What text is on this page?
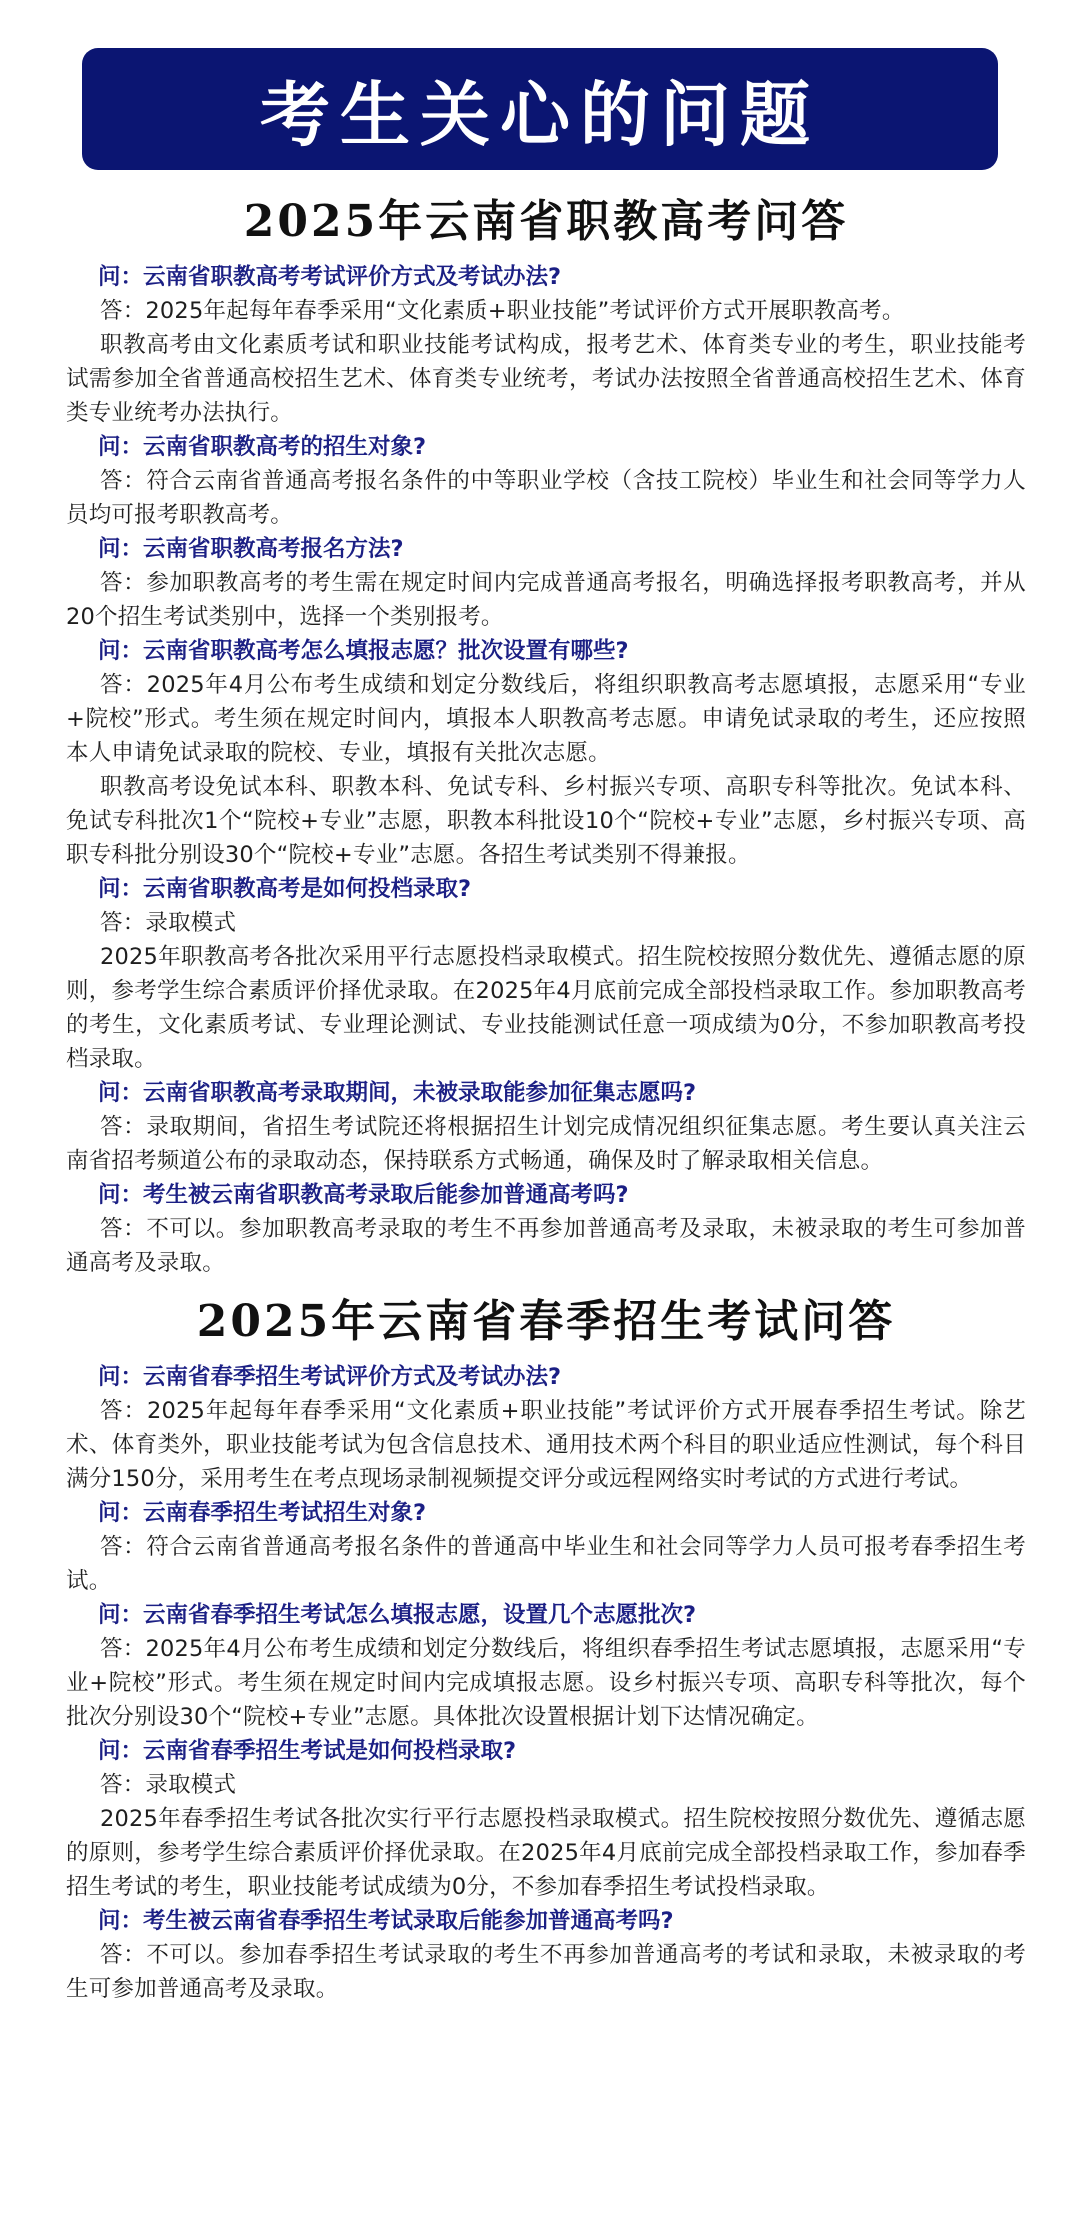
考生关心的问题
2025年云南省职教高考问答
问：云南省职教高考考试评价方式及考试办法?
答：2025年起每年春季采用“文化素质+职业技能”考试评价方式开展职教高考。
职教高考由文化素质考试和职业技能考试构成，报考艺术、体育类专业的考生，职业技能考试需参加全省普通高校招生艺术、体育类专业统考，考试办法按照全省普通高校招生艺术、体育类专业统考办法执行。
问：云南省职教高考的招生对象?
答：符合云南省普通高考报名条件的中等职业学校（含技工院校）毕业生和社会同等学力人员均可报考职教高考。
问：云南省职教高考报名方法?
答：参加职教高考的考生需在规定时间内完成普通高考报名，明确选择报考职教高考，并从20个招生考试类别中，选择一个类别报考。
问：云南省职教高考怎么填报志愿？批次设置有哪些?
答：2025年4月公布考生成绩和划定分数线后，将组织职教高考志愿填报，志愿采用“专业+院校”形式。考生须在规定时间内，填报本人职教高考志愿。申请免试录取的考生，还应按照本人申请免试录取的院校、专业，填报有关批次志愿。
职教高考设免试本科、职教本科、免试专科、乡村振兴专项、高职专科等批次。免试本科、免试专科批次1个“院校+专业”志愿，职教本科批设10个“院校+专业”志愿，乡村振兴专项、高职专科批分别设30个“院校+专业”志愿。各招生考试类别不得兼报。
问：云南省职教高考是如何投档录取?
答：录取模式
2025年职教高考各批次采用平行志愿投档录取模式。招生院校按照分数优先、遵循志愿的原则，参考学生综合素质评价择优录取。在2025年4月底前完成全部投档录取工作。参加职教高考的考生，文化素质考试、专业理论测试、专业技能测试任意一项成绩为0分，不参加职教高考投档录取。
问：云南省职教高考录取期间，未被录取能参加征集志愿吗?
答：录取期间，省招生考试院还将根据招生计划完成情况组织征集志愿。考生要认真关注云南省招考频道公布的录取动态，保持联系方式畅通，确保及时了解录取相关信息。
问：考生被云南省职教高考录取后能参加普通高考吗?
答：不可以。参加职教高考录取的考生不再参加普通高考及录取，未被录取的考生可参加普通高考及录取。
2025年云南省春季招生考试问答
问：云南省春季招生考试评价方式及考试办法?
答：2025年起每年春季采用“文化素质+职业技能”考试评价方式开展春季招生考试。除艺术、体育类外，职业技能考试为包含信息技术、通用技术两个科目的职业适应性测试，每个科目满分150分，采用考生在考点现场录制视频提交评分或远程网络实时考试的方式进行考试。
问：云南春季招生考试招生对象?
答：符合云南省普通高考报名条件的普通高中毕业生和社会同等学力人员可报考春季招生考试。
问：云南省春季招生考试怎么填报志愿，设置几个志愿批次?
答：2025年4月公布考生成绩和划定分数线后，将组织春季招生考试志愿填报，志愿采用“专业+院校”形式。考生须在规定时间内完成填报志愿。设乡村振兴专项、高职专科等批次，每个批次分别设30个“院校+专业”志愿。具体批次设置根据计划下达情况确定。
问：云南省春季招生考试是如何投档录取?
答：录取模式
2025年春季招生考试各批次实行平行志愿投档录取模式。招生院校按照分数优先、遵循志愿的原则，参考学生综合素质评价择优录取。在2025年4月底前完成全部投档录取工作，参加春季招生考试的考生，职业技能考试成绩为0分，不参加春季招生考试投档录取。
问：考生被云南省春季招生考试录取后能参加普通高考吗?
答：不可以。参加春季招生考试录取的考生不再参加普通高考的考试和录取，未被录取的考生可参加普通高考及录取。
